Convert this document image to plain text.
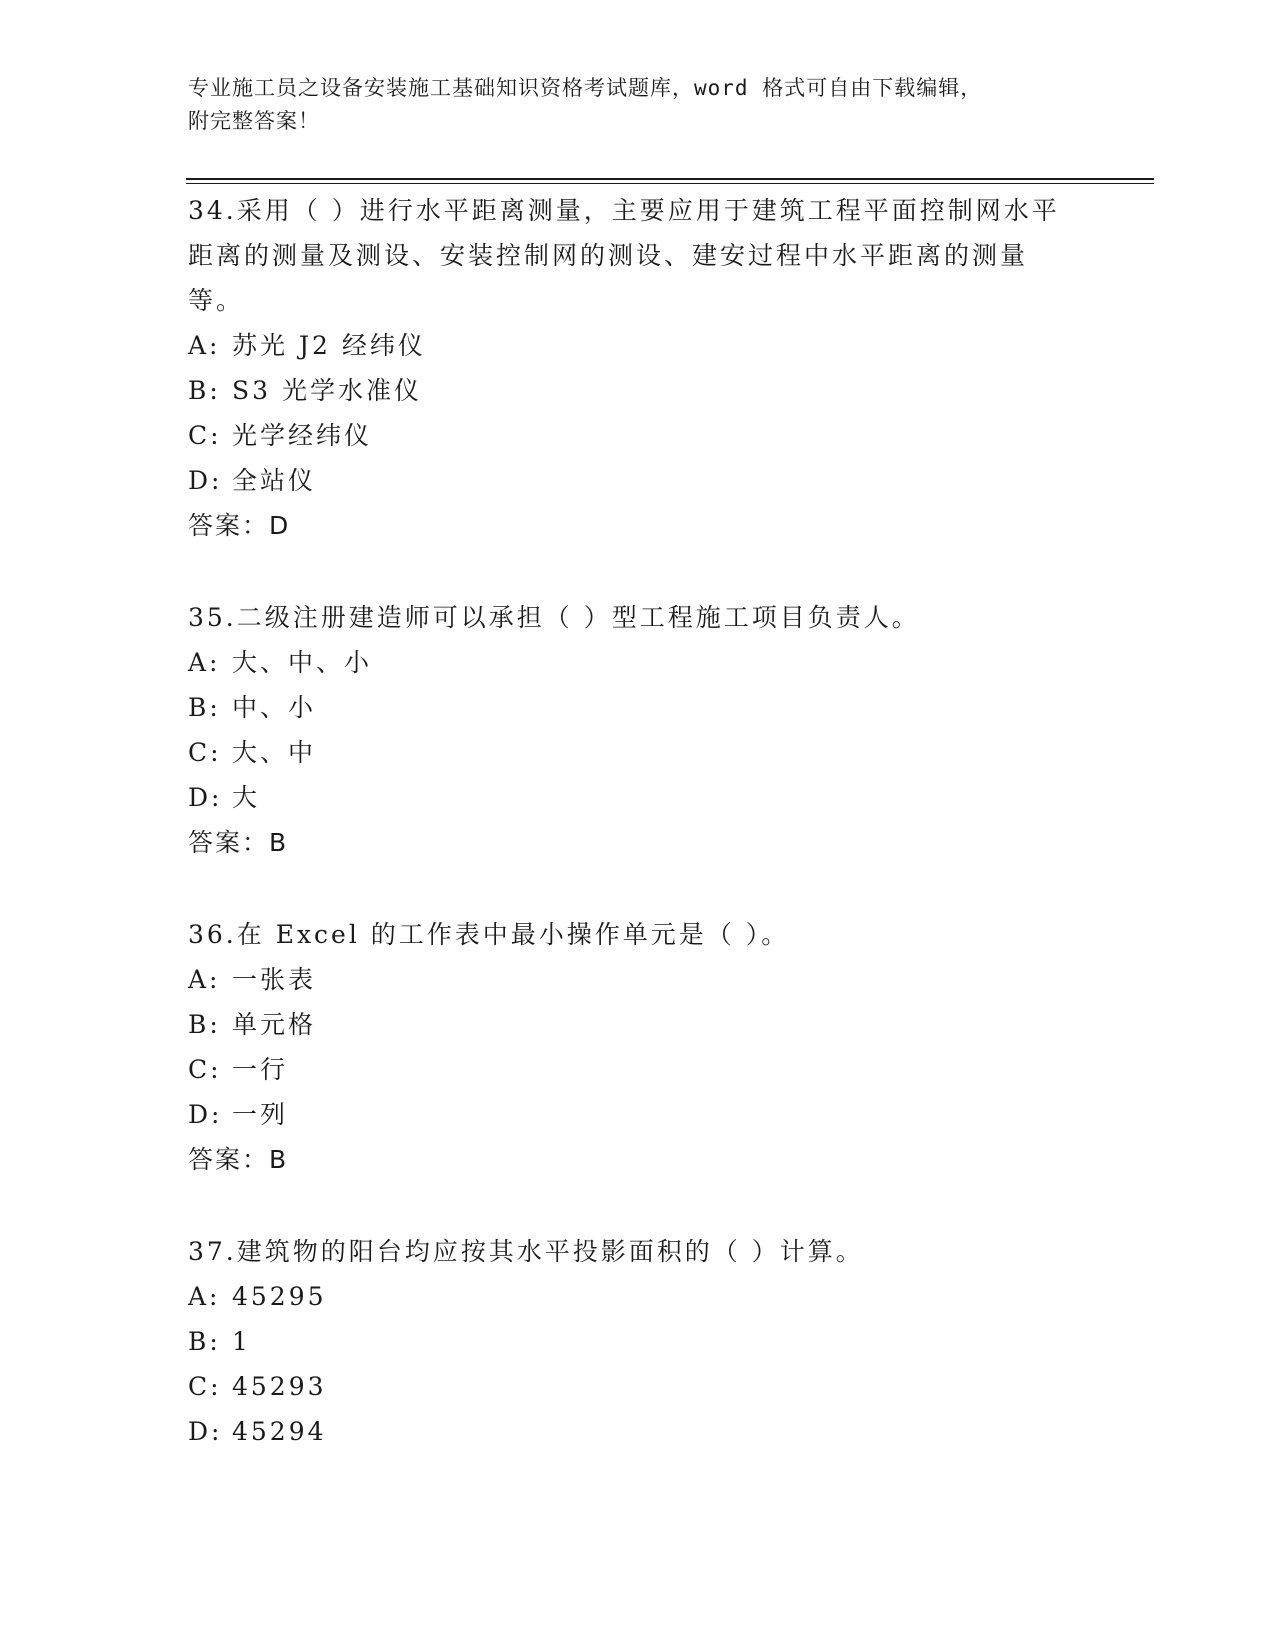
专业施工员之设备安装施工基础知识资格考试题库，word 格式可自由下载编辑，
附完整答案！

34.采用（ ）进行水平距离测量，主要应用于建筑工程平面控制网水平距离的测量及测设、安装控制网的测设、建安过程中水平距离的测量等。

A: 苏光 J2 经纬仪

B: S3 光学水准仪

C: 光学经纬仪

D: 全站仪

答案：D

35.二级注册建造师可以承担（ ）型工程施工项目负责人。

A: 大、中、小

B: 中、小

C: 大、中

D: 大

答案：B

36.在 Excel 的工作表中最小操作单元是（ ）。

A: 一张表

B: 单元格

C: 一行

D: 一列

答案：B

37.建筑物的阳台均应按其水平投影面积的（ ）计算。

A: 45295

B: 1

C: 45293

D: 45294
